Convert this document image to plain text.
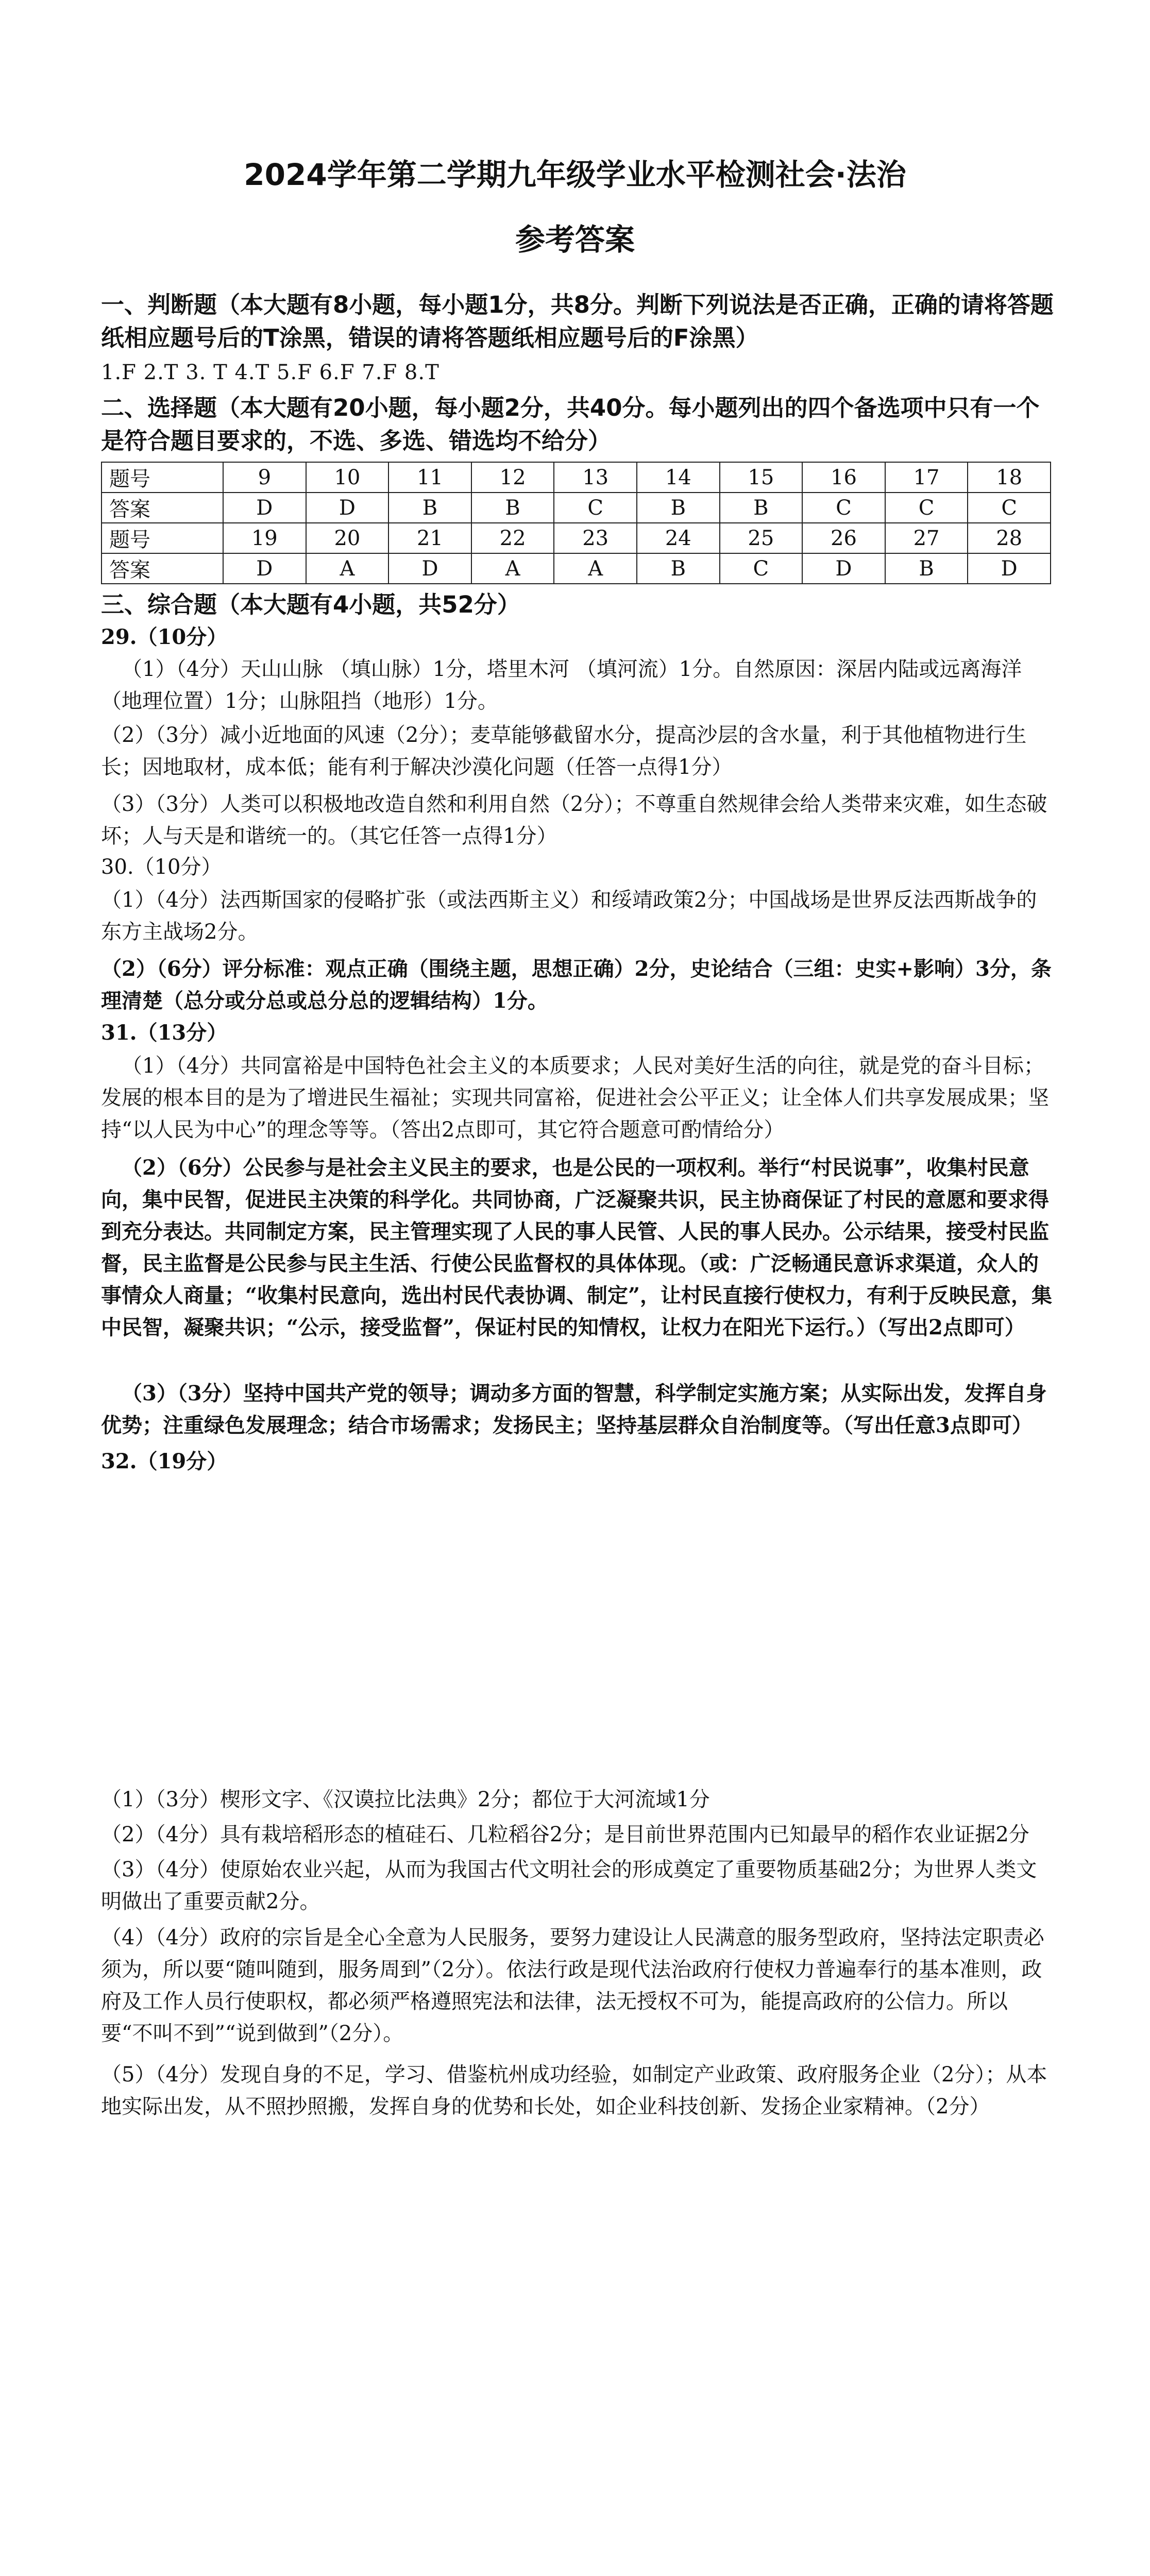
2024学年第二学期九年级学业水平检测社会·法治
参考答案
一、判断题（本大题有8小题，每小题1分，共8分。判断下列说法是否正确，正确的请将答题纸相应题号后的T涂黑，错误的请将答题纸相应题号后的F涂黑）
1.F 2.T 3. T 4.T 5.F 6.F 7.F 8.T
二、选择题（本大题有20小题，每小题2分，共40分。每小题列出的四个备选项中只有一个是符合题目要求的，不选、多选、错选均不给分）
题号	9	10	11	12	13	14	15	16	17	18
答案	D	D	B	B	C	B	B	C	C	C
题号	19	20	21	22	23	24	25	26	27	28
答案	D	A	D	A	A	B	C	D	B	D
三、综合题（本大题有4小题，共52分）
29.（10分）
（1）（4分）天山山脉 （填山脉）1分，塔里木河 （填河流）1分。自然原因：深居内陆或远离海洋（地理位置）1分；山脉阻挡（地形）1分。
（2）（3分）减小近地面的风速（2分）；麦草能够截留水分，提高沙层的含水量，利于其他植物进行生长；因地取材，成本低；能有利于解决沙漠化问题（任答一点得1分）
（3）（3分）人类可以积极地改造自然和利用自然（2分）；不尊重自然规律会给人类带来灾难，如生态破坏；人与天是和谐统一的。（其它任答一点得1分）
30.（10分）
（1）（4分）法西斯国家的侵略扩张（或法西斯主义）和绥靖政策2分；中国战场是世界反法西斯战争的东方主战场2分。
（2）（6分）评分标准：观点正确（围绕主题，思想正确）2分，史论结合（三组：史实+影响）3分，条理清楚（总分或分总或总分总的逻辑结构）1分。
31.（13分）
（1）（4分）共同富裕是中国特色社会主义的本质要求；人民对美好生活的向往，就是党的奋斗目标；发展的根本目的是为了增进民生福祉；实现共同富裕，促进社会公平正义；让全体人们共享发展成果；坚持“以人民为中心”的理念等等。（答出2点即可，其它符合题意可酌情给分）
（2）（6分）公民参与是社会主义民主的要求，也是公民的一项权利。举行“村民说事”，收集村民意向，集中民智，促进民主决策的科学化。共同协商，广泛凝聚共识，民主协商保证了村民的意愿和要求得到充分表达。共同制定方案，民主管理实现了人民的事人民管、人民的事人民办。公示结果，接受村民监督，民主监督是公民参与民主生活、行使公民监督权的具体体现。（或：广泛畅通民意诉求渠道，众人的事情众人商量；“收集村民意向，选出村民代表协调、制定”，让村民直接行使权力，有利于反映民意，集中民智，凝聚共识；“公示，接受监督”，保证村民的知情权，让权力在阳光下运行。）（写出2点即可）
（3）（3分）坚持中国共产党的领导；调动多方面的智慧，科学制定实施方案；从实际出发，发挥自身优势；注重绿色发展理念；结合市场需求；发扬民主；坚持基层群众自治制度等。（写出任意3点即可）
32.（19分）
（1）（3分）楔形文字、《汉谟拉比法典》2分；都位于大河流域1分
（2）（4分）具有栽培稻形态的植硅石、几粒稻谷2分；是目前世界范围内已知最早的稻作农业证据2分
（3）（4分）使原始农业兴起，从而为我国古代文明社会的形成奠定了重要物质基础2分；为世界人类文明做出了重要贡献2分。
（4）（4分）政府的宗旨是全心全意为人民服务，要努力建设让人民满意的服务型政府，坚持法定职责必须为，所以要“随叫随到，服务周到”（2分）。依法行政是现代法治政府行使权力普遍奉行的基本准则，政府及工作人员行使职权，都必须严格遵照宪法和法律，法无授权不可为，能提高政府的公信力。所以要“不叫不到”“说到做到”（2分）。
（5）（4分）发现自身的不足，学习、借鉴杭州成功经验，如制定产业政策、政府服务企业（2分）；从本地实际出发，从不照抄照搬，发挥自身的优势和长处，如企业科技创新、发扬企业家精神。（2分）
